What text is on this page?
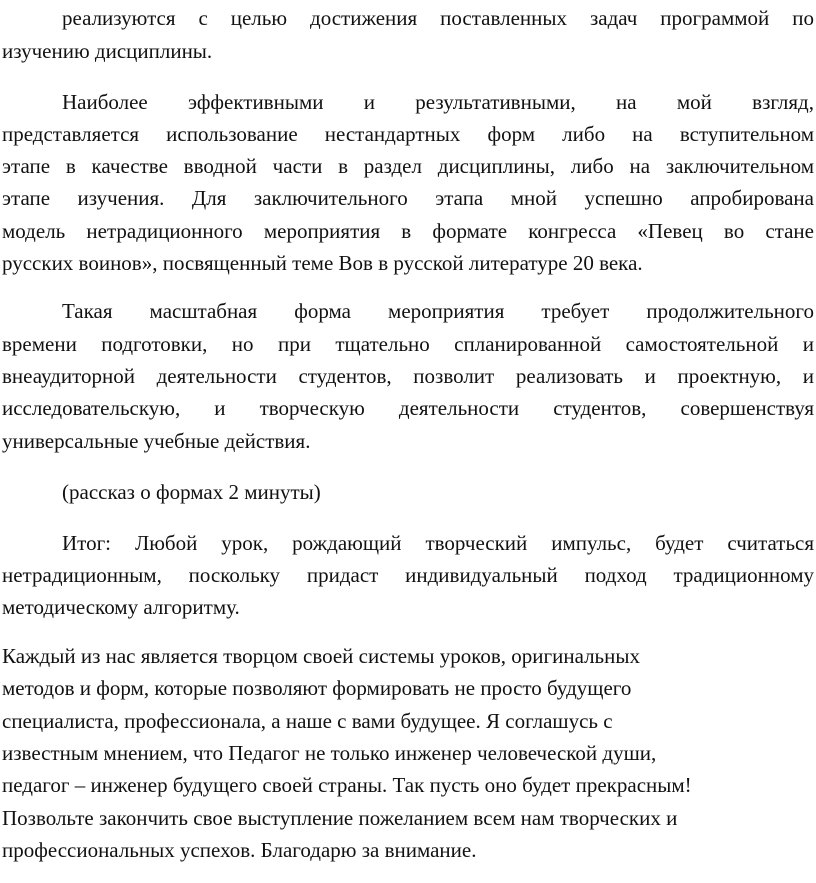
реализуются с целью достижения поставленных задач программой по
изучению дисциплины.
Наиболее эффективными и результативными, на мой взгляд,
представляется использование нестандартных форм либо на вступительном
этапе в качестве вводной части в раздел дисциплины, либо на заключительном
этапе изучения. Для заключительного этапа мной успешно апробирована
модель нетрадиционного мероприятия в формате конгресса «Певец во стане
русских воинов», посвященный теме Вов в русской литературе 20 века.
Такая масштабная форма мероприятия требует продолжительного
времени подготовки, но при тщательно спланированной самостоятельной и
внеаудиторной деятельности студентов, позволит реализовать и проектную, и
исследовательскую, и творческую деятельности студентов, совершенствуя
универсальные учебные действия.
(рассказ о формах 2 минуты)
Итог: Любой урок, рождающий творческий импульс, будет считаться
нетрадиционным, поскольку придаст индивидуальный подход традиционному
методическому алгоритму.
Каждый из нас является творцом своей системы уроков, оригинальных
методов и форм, которые позволяют формировать не просто будущего
специалиста, профессионала, а наше с вами будущее. Я соглашусь с
известным мнением, что Педагог не только инженер человеческой души,
педагог – инженер будущего своей страны. Так пусть оно будет прекрасным!
Позвольте закончить свое выступление пожеланием всем нам творческих и
профессиональных успехов. Благодарю за внимание.
